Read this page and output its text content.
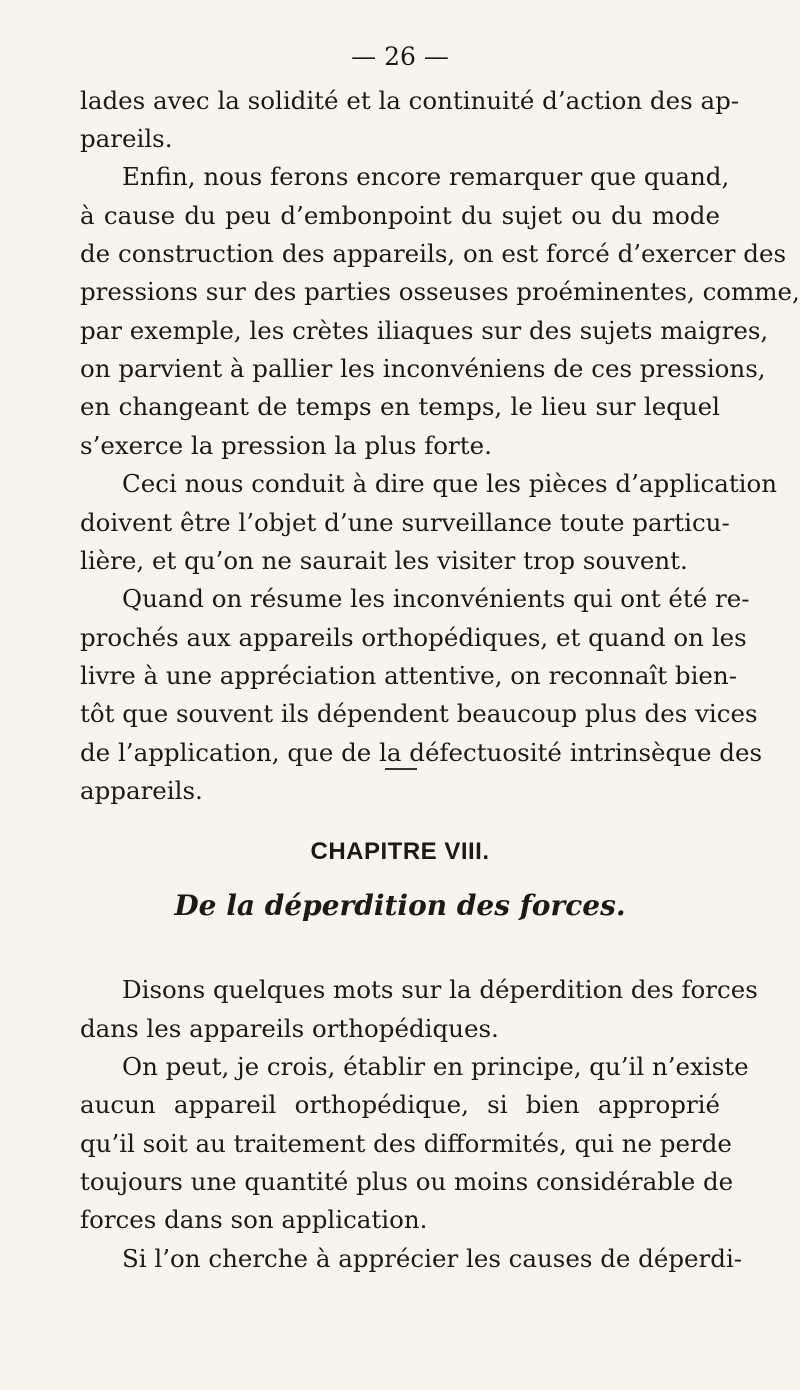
— 26 —
lades avec la solidité et la continuité d’action des ap-
pareils.
Enfin, nous ferons encore remarquer que quand,
à cause du peu d’embonpoint du sujet ou du mode
de construction des appareils, on est forcé d’exercer des
pressions sur des parties osseuses proéminentes, comme,
par exemple, les crètes iliaques sur des sujets maigres,
on parvient à pallier les inconvéniens de ces pressions,
en changeant de temps en temps, le lieu sur lequel
s’exerce la pression la plus forte.
Ceci nous conduit à dire que les pièces d’application
doivent être l’objet d’une surveillance toute particu-
lière, et qu’on ne saurait les visiter trop souvent.
Quand on résume les inconvénients qui ont été re-
prochés aux appareils orthopédiques, et quand on les
livre à une appréciation attentive, on reconnaît bien-
tôt que souvent ils dépendent beaucoup plus des vices
de l’application, que de la défectuosité intrinsèque des
appareils.
CHAPITRE VIII.
De la déperdition des forces.
Disons quelques mots sur la déperdition des forces
dans les appareils orthopédiques.
On peut, je crois, établir en principe, qu’il n’existe
aucun appareil orthopédique, si bien approprié
qu’il soit au traitement des difformités, qui ne perde
toujours une quantité plus ou moins considérable de
forces dans son application.
Si l’on cherche à apprécier les causes de déperdi-
